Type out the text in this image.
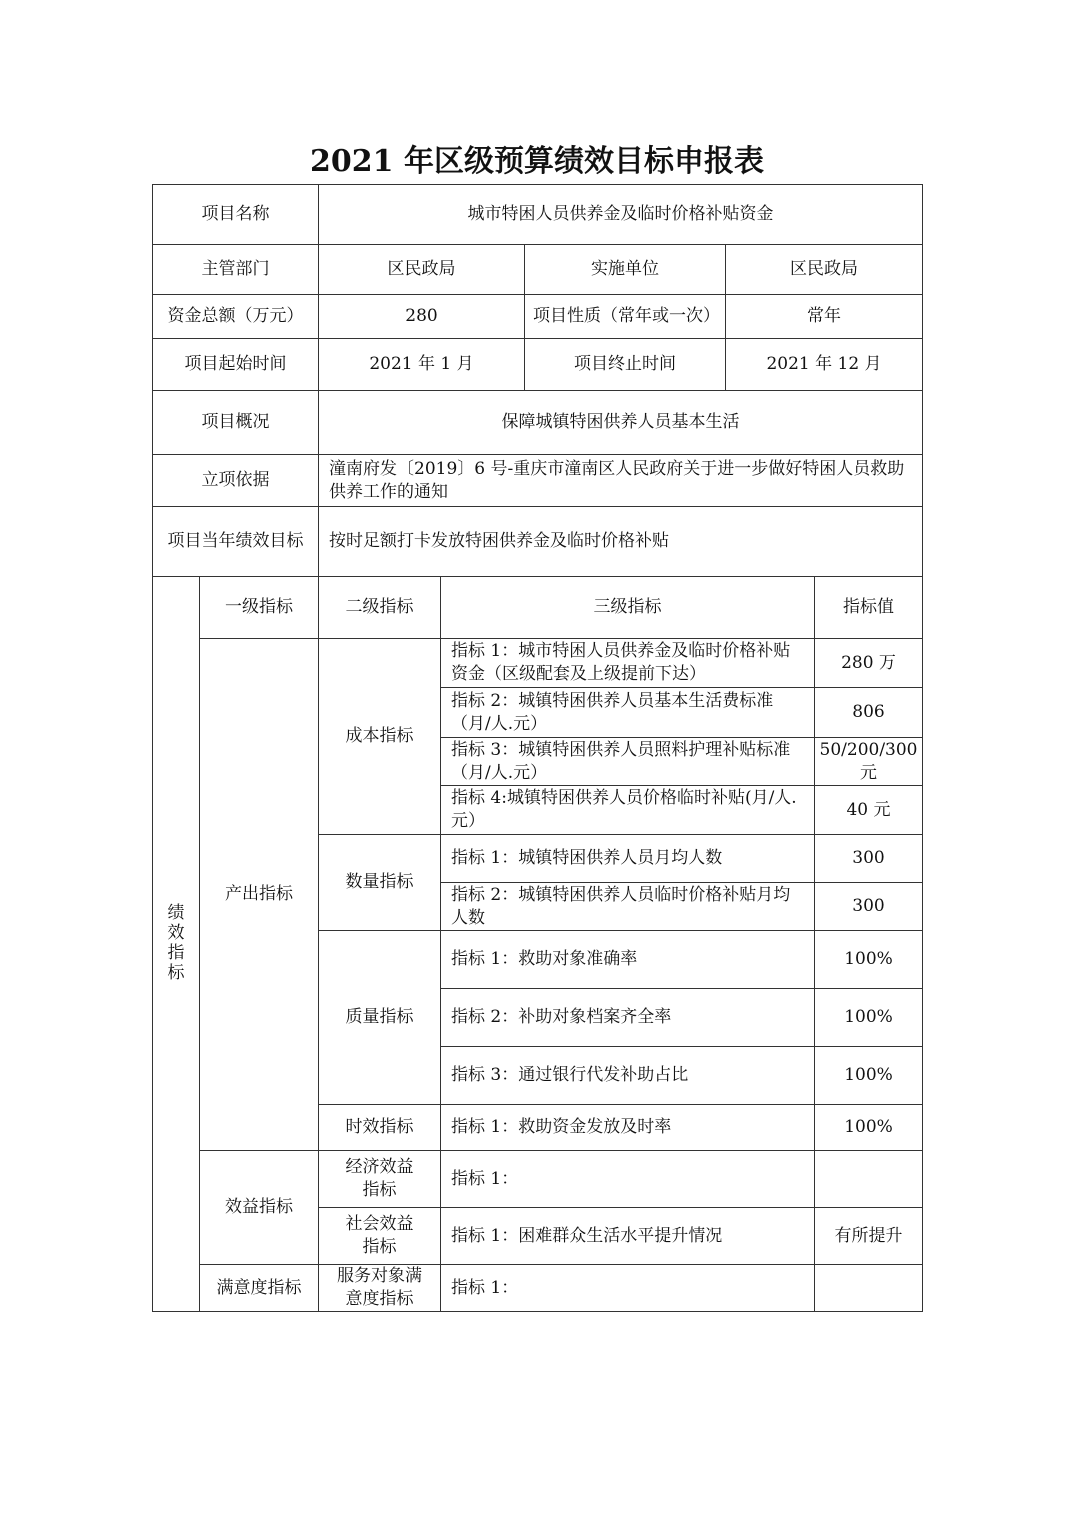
2021 年区级预算绩效目标申报表
项目名称		城市特困人员供养金及临时价格补贴资金				
主管部门		区民政局		实施单位	区民政局	
资金总额（万元）		280		项目性质（常年或一次）	常年	
项目起始时间		2021 年 1 月		项目终止时间	2021 年 12 月	
项目概况		保障城镇特困供养人员基本生活				
立项依据		潼南府发〔2019〕6 号-重庆市潼南区人民政府关于进一步做好特困人员救助供养工作的通知				
项目当年绩效目标		按时足额打卡发放特困供养金及临时价格补贴				
绩效指标	一级指标	二级指标	三级指标			指标值
	产出指标	成本指标	指标 1：城市特困人员供养金及临时价格补贴资金（区级配套及上级提前下达）			280 万
			指标 2：城镇特困供养人员基本生活费标准（月/人.元）			806
			指标 3：城镇特困供养人员照料护理补贴标准（月/人.元）			50/200/300 元
			指标 4:城镇特困供养人员价格临时补贴(月/人.元）			40 元
		数量指标	指标 1：城镇特困供养人员月均人数			300
			指标 2：城镇特困供养人员临时价格补贴月均人数			300
		质量指标	指标 1：救助对象准确率			100%
			指标 2：补助对象档案齐全率			100%
			指标 3：通过银行代发补助占比			100%
		时效指标	指标 1：救助资金发放及时率			100%
	效益指标	经济效益指标	指标 1：			
		社会效益指标	指标 1：困难群众生活水平提升情况			有所提升
	满意度指标	服务对象满意度指标	指标 1：			
